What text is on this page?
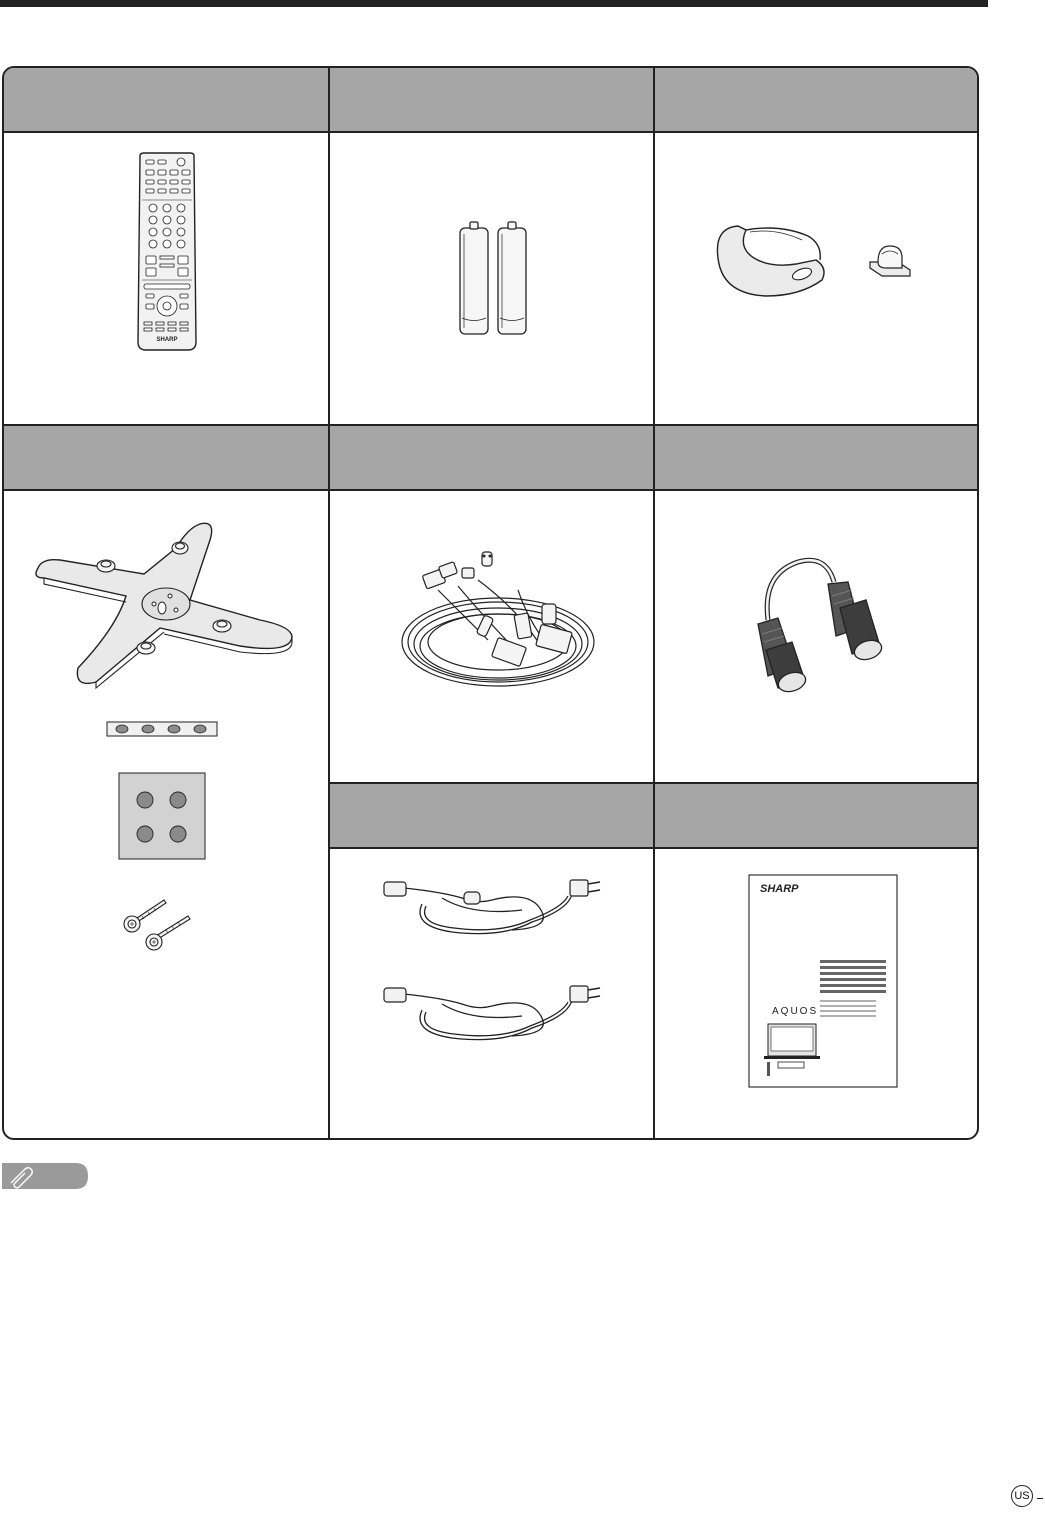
SHARP
SHARP
AQUOS
US
